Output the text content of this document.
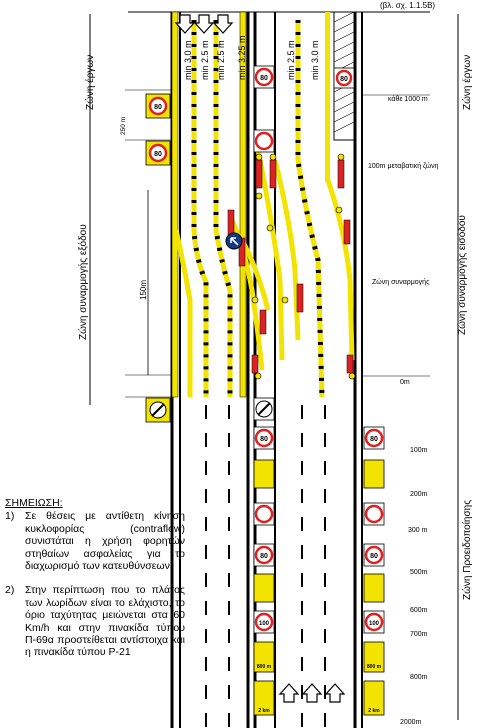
min 3.0 m min 2.5 m min 2.5 m min 3.25 m	min 2.5 m min 3.0 m
Ζώνη έργων
Ζώνη συναρμογής εξόδου	150m
Ζώνη έργων
Ζώνη συναρμογής εισόδου
Ζώνη Προειδοποίησης
100m μεταβατική ζώνη
Ζώνη συναρμογής
κάθε 1000 m
0m
100m
200m
300 m
500m
600m
700m
800m
2000m
250 m
80
80
80
80
80
100
800 m
2 km
80
80
80
100
800 m
2 km
(βλ. σχ. 1.1.5Β)
ΣΗΜΕΙΩΣΗ:
1)	Σε θέσεις με αντίθετη κίνηση κυκλοφορίας (contraflow) συνιστάται η χρήση φορητών στηθαίων ασφαλείας για το διαχωρισμό των κατευθύνσεων.
2)	Στην περίπτωση που το πλάτος των λωρίδων είναι το ελάχιστο, το όριο ταχύτητας μειώνεται στα 60 Km/h και στην πινακίδα τύπου Π-69α προστείθεται αντίστοιχα και η πινακίδα τύπου Ρ-21
